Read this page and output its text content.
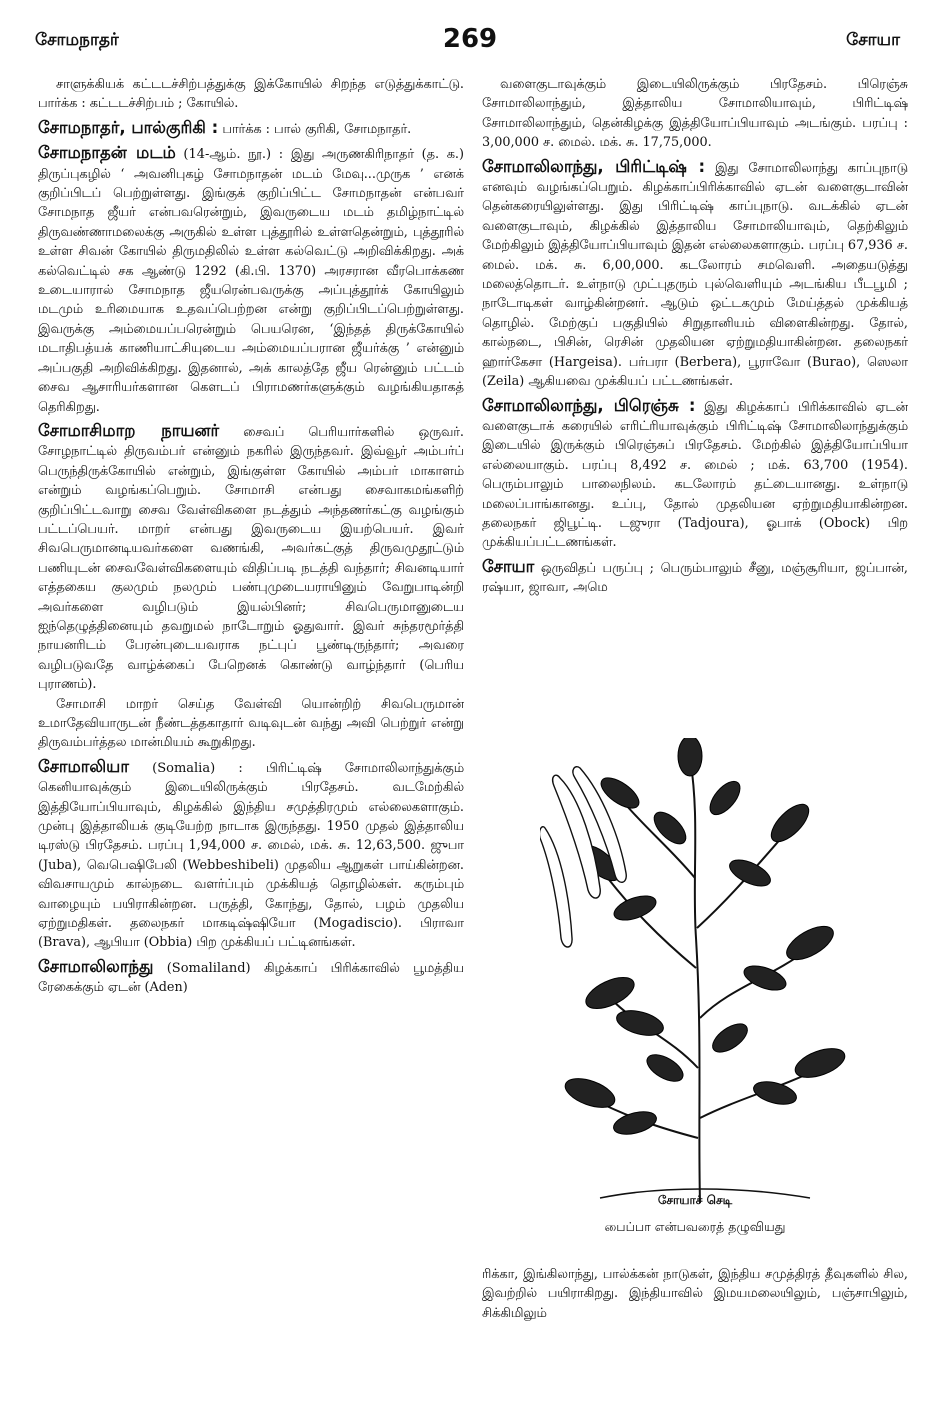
சோமநாதர்	269	சோயா

சாளுக்கியக் கட்டடச்சிற்பத்துக்கு இக்கோயில் சிறந்த எடுத்துக்காட்டு. பார்க்க : கட்டடச்சிற்பம் ; கோயில்.

சோமநாதர், பால்குரிகி : பார்க்க : பால் குரிகி, சோமநாதர்.

சோமநாதன் மடம் (14-ஆம். நூ.) : இது அருணகிரிநாதர் (த. க.) திருப்புகழில் ‘ அவனிபுகழ் சோமநாதன் மடம் மேவு...முருக ’ எனக் குறிப்பிடப் பெற்றுள்ளது. இங்குக் குறிப்பிட்ட சோமநாதன் என்பவர் சோமநாத ஜீயர் என்பவரென்றும், இவருடைய மடம் தமிழ்நாட்டில் திருவண்ணாமலைக்கு அருகில் உள்ள புத்தூரில் உள்ளதென்றும், புத்தூரில் உள்ள சிவன் கோயில் திருமதிலில் உள்ள கல்வெட்டு அறிவிக்கிறது. அக் கல்வெட்டில் சக ஆண்டு 1292 (கி.பி. 1370) அரசரான வீரபொக்கண உடையாரால் சோமநாத ஜீயரென்பவருக்கு அப்புத்தூர்க் கோயிலும் மடமும் உரிமையாக உதவப்பெற்றன என்று குறிப்பிடப்பெற்றுள்ளது. இவருக்கு அம்மையப்பரென்றும் பெயரென, ‘இந்தத் திருக்கோயில் மடாதிபத்யக் காணியாட்சியுடைய அம்மையப்பரான ஜீயர்க்கு ’ என்னும் அப்பகுதி அறிவிக்கிறது. இதனால், அக் காலத்தே ஜீய ரென்னும் பட்டம் சைவ ஆசாரியர்களான கௌடப் பிராமணர்களுக்கும் வழங்கியதாகத் தெரிகிறது.

சோமாசிமாற நாயனர் சைவப் பெரியார்களில் ஒருவர். சோழநாட்டில் திருவம்பர் என்னும் நகரில் இருந்தவர். இவ்வூர் அம்பர்ப் பெருந்திருக்கோயில் என்றும், இங்குள்ள கோயில் அம்பர் மாகாளம் என்றும் வழங்கப்பெறும். சோமாசி என்பது சைவாகமங்களிற் குறிப்பிட்டவாறு சைவ வேள்விகளை நடத்தும் அந்தணர்கட்கு வழங்கும் பட்டப்பெயர். மாறர் என்பது இவருடைய இயற்பெயர். இவர் சிவபெருமானடியவர்களை வணங்கி, அவர்கட்குத் திருவமுதூட்டும் பணியுடன் சைவவேள்விகளையும் விதிப்படி நடத்தி வந்தார்; சிவனடியார் எத்தகைய குலமும் நலமும் பண்புமுடையராயினும் வேறுபாடின்றி அவர்களை வழிபடும் இயல்பினர்; சிவபெருமானுடைய ஐந்தெழுத்தினையும் தவறுமல் நாடோறும் ஓதுவார். இவர் சுந்தரமூர்த்தி நாயனரிடம் பேரன்புடையவராக நட்புப் பூண்டிருந்தார்; அவரை வழிபடுவதே வாழ்க்கைப் பேறெனக் கொண்டு வாழ்ந்தார் (பெரிய புராணம்).

சோமாசி மாறர் செய்த வேள்வி யொன்றிற் சிவபெருமான் உமாதேவியாருடன் நீண்டத்தகாதார் வடிவுடன் வந்து அவி பெற்றுர் என்று திருவம்பர்த்தல மான்மியம் கூறுகிறது.

சோமாலியா (Somalia) : பிரிட்டிஷ் சோமாலிலாந்துக்கும் கெனியாவுக்கும் இடையிலிருக்கும் பிரதேசம். வடமேற்கில் இத்தியோப்பியாவும், கிழக்கில் இந்திய சமுத்திரமும் எல்லைகளாகும். முன்பு இத்தாலியக் குடியேற்ற நாடாக இருந்தது. 1950 முதல் இத்தாலிய டிரஸ்டு பிரதேசம். பரப்பு 1,94,000 ச. மைல், மக். சு. 12,63,500. ஜுபா (Juba), வெபெஷிபேலி (Webbeshibeli) முதலிய ஆறுகள் பாய்கின்றன. விவசாயமும் கால்நடை வளர்ப்பும் முக்கியத் தொழில்கள். கரும்பும் வாழையும் பயிராகின்றன. பருத்தி, கோந்து, தோல், பழம் முதலிய ஏற்றுமதிகள். தலைநகர் மாகடிஷ்ஷியோ (Mogadiscio). பிராவா (Brava), ஆபியா (Obbia) பிற முக்கியப் பட்டினங்கள்.

சோமாலிலாந்து (Somaliland) கிழக்காப் பிரிக்காவில் பூமத்திய ரேகைக்கும் ஏடன் (Aden)

வளைகுடாவுக்கும் இடையிலிருக்கும் பிரதேசம். பிரெஞ்சு சோமாலிலாந்தும், இத்தாலிய சோமாலியாவும், பிரிட்டிஷ் சோமாலிலாந்தும், தென்கிழக்கு இத்தியோப்பியாவும் அடங்கும். பரப்பு : 3,00,000 ச. மைல். மக். சு. 17,75,000.

சோமாலிலாந்து, பிரிட்டிஷ் : இது சோமாலிலாந்து காப்புநாடு எனவும் வழங்கப்பெறும். கிழக்காப்பிரிக்காவில் ஏடன் வளைகுடாவின் தென்கரையிலுள்ளது. இது பிரிட்டிஷ் காப்புநாடு. வடக்கில் ஏடன் வளைகுடாவும், கிழக்கில் இத்தாலிய சோமாலியாவும், தெற்கிலும் மேற்கிலும் இத்தியோப்பியாவும் இதன் எல்லைகளாகும். பரப்பு 67,936 ச. மைல். மக். சு. 6,00,000. கடலோரம் சமவெளி. அதையடுத்து மலைத்தொடர். உள்நாடு முட்புதரும் புல்வெளியும் அடங்கிய பீடபூமி ; நாடோடிகள் வாழ்கின்றனர். ஆடும் ஒட்டகமும் மேய்த்தல் முக்கியத் தொழில். மேற்குப் பகுதியில் சிறுதானியம் விளைகின்றது. தோல், கால்நடை, பிசின், ரெசின் முதலியன ஏற்றுமதியாகின்றன. தலைநகர் ஹார்கேசா (Hargeisa). பர்பரா (Berbera), பூராவோ (Burao), ஸெலா (Zeila) ஆகியவை முக்கியப் பட்டணங்கள்.

சோமாலிலாந்து, பிரெஞ்சு : இது கிழக்காப் பிரிக்காவில் ஏடன் வளைகுடாக் கரையில் எரிட்ரியாவுக்கும் பிரிட்டிஷ் சோமாலிலாந்துக்கும் இடையில் இருக்கும் பிரெஞ்சுப் பிரதேசம். மேற்கில் இத்தியோப்பியா எல்லையாகும். பரப்பு 8,492 ச. மைல் ; மக். 63,700 (1954). பெரும்பாலும் பாலைநிலம். கடலோரம் தட்டையானது. உள்நாடு மலைப்பாங்கானது. உப்பு, தோல் முதலியன ஏற்றுமதியாகின்றன. தலைநகர் ஜிபூட்டி. டஜுரா (Tadjoura), ஓபாக் (Obock) பிற முக்கியப்பட்டணங்கள்.

சோயா ஒருவிதப் பருப்பு ; பெரும்பாலும் சீனு, மஞ்சூரியா, ஜப்பான், ரஷ்யா, ஜாவா, அமெ

சோயாச் செடி
பைப்பா என்பவரைத் தழுவியது

ரிக்கா, இங்கிலாந்து, பால்க்கன் நாடுகள், இந்திய சமுத்திரத் தீவுகளில் சில, இவற்றில் பயிராகிறது. இந்தியாவில் இமயமலையிலும், பஞ்சாபிலும், சிக்கிமிலும்
